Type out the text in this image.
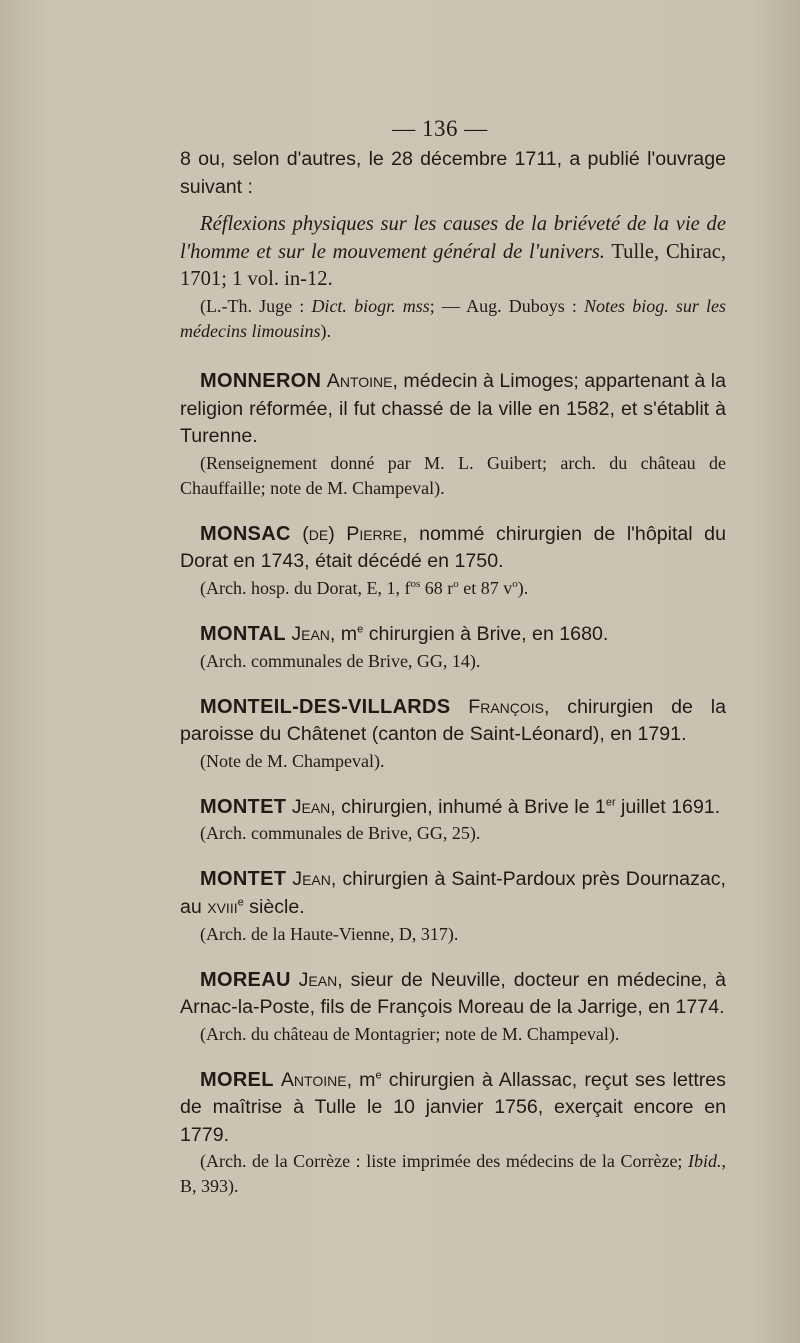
— 136 —

8 ou, selon d'autres, le 28 décembre 1711, a publié l'ouvrage suivant :

Réflexions physiques sur les causes de la briéveté de la vie de l'homme et sur le mouvement général de l'univers. Tulle, Chirac, 1701; 1 vol. in-12.

(L.-Th. Juge : Dict. biogr. mss; — Aug. Duboys : Notes biog. sur les médecins limousins).

MONNERON Antoine, médecin à Limoges; appartenant à la religion réformée, il fut chassé de la ville en 1582, et s'établit à Turenne.

(Renseignement donné par M. L. Guibert; arch. du château de Chauffaille; note de M. Champeval).

MONSAC (de) Pierre, nommé chirurgien de l'hôpital du Dorat en 1743, était décédé en 1750.

(Arch. hosp. du Dorat, E, 1, $f^{os}$ 68 $r^o$ et 87 $v^o$).

MONTAL Jean, $m^e$ chirurgien à Brive, en 1680.

(Arch. communales de Brive, GG, 14).

MONTEIL-DES-VILLARDS François, chirurgien de la paroisse du Châtenet (canton de Saint-Léonard), en 1791.

(Note de M. Champeval).

MONTET Jean, chirurgien, inhumé à Brive le 1er juillet 1691.

(Arch. communales de Brive, GG, 25).

MONTET Jean, chirurgien à Saint-Pardoux près Dournazac, au xviii$^e$ siècle.

(Arch. de la Haute-Vienne, D, 317).

MOREAU Jean, sieur de Neuville, docteur en médecine, à Arnac-la-Poste, fils de François Moreau de la Jarrige, en 1774.

(Arch. du château de Montagrier; note de M. Champeval).

MOREL Antoine, $m^e$ chirurgien à Allassac, reçut ses lettres de maîtrise à Tulle le 10 janvier 1756, exerçait encore en 1779.

(Arch. de la Corrèze : liste imprimée des médecins de la Corrèze; Ibid., B, 393).
